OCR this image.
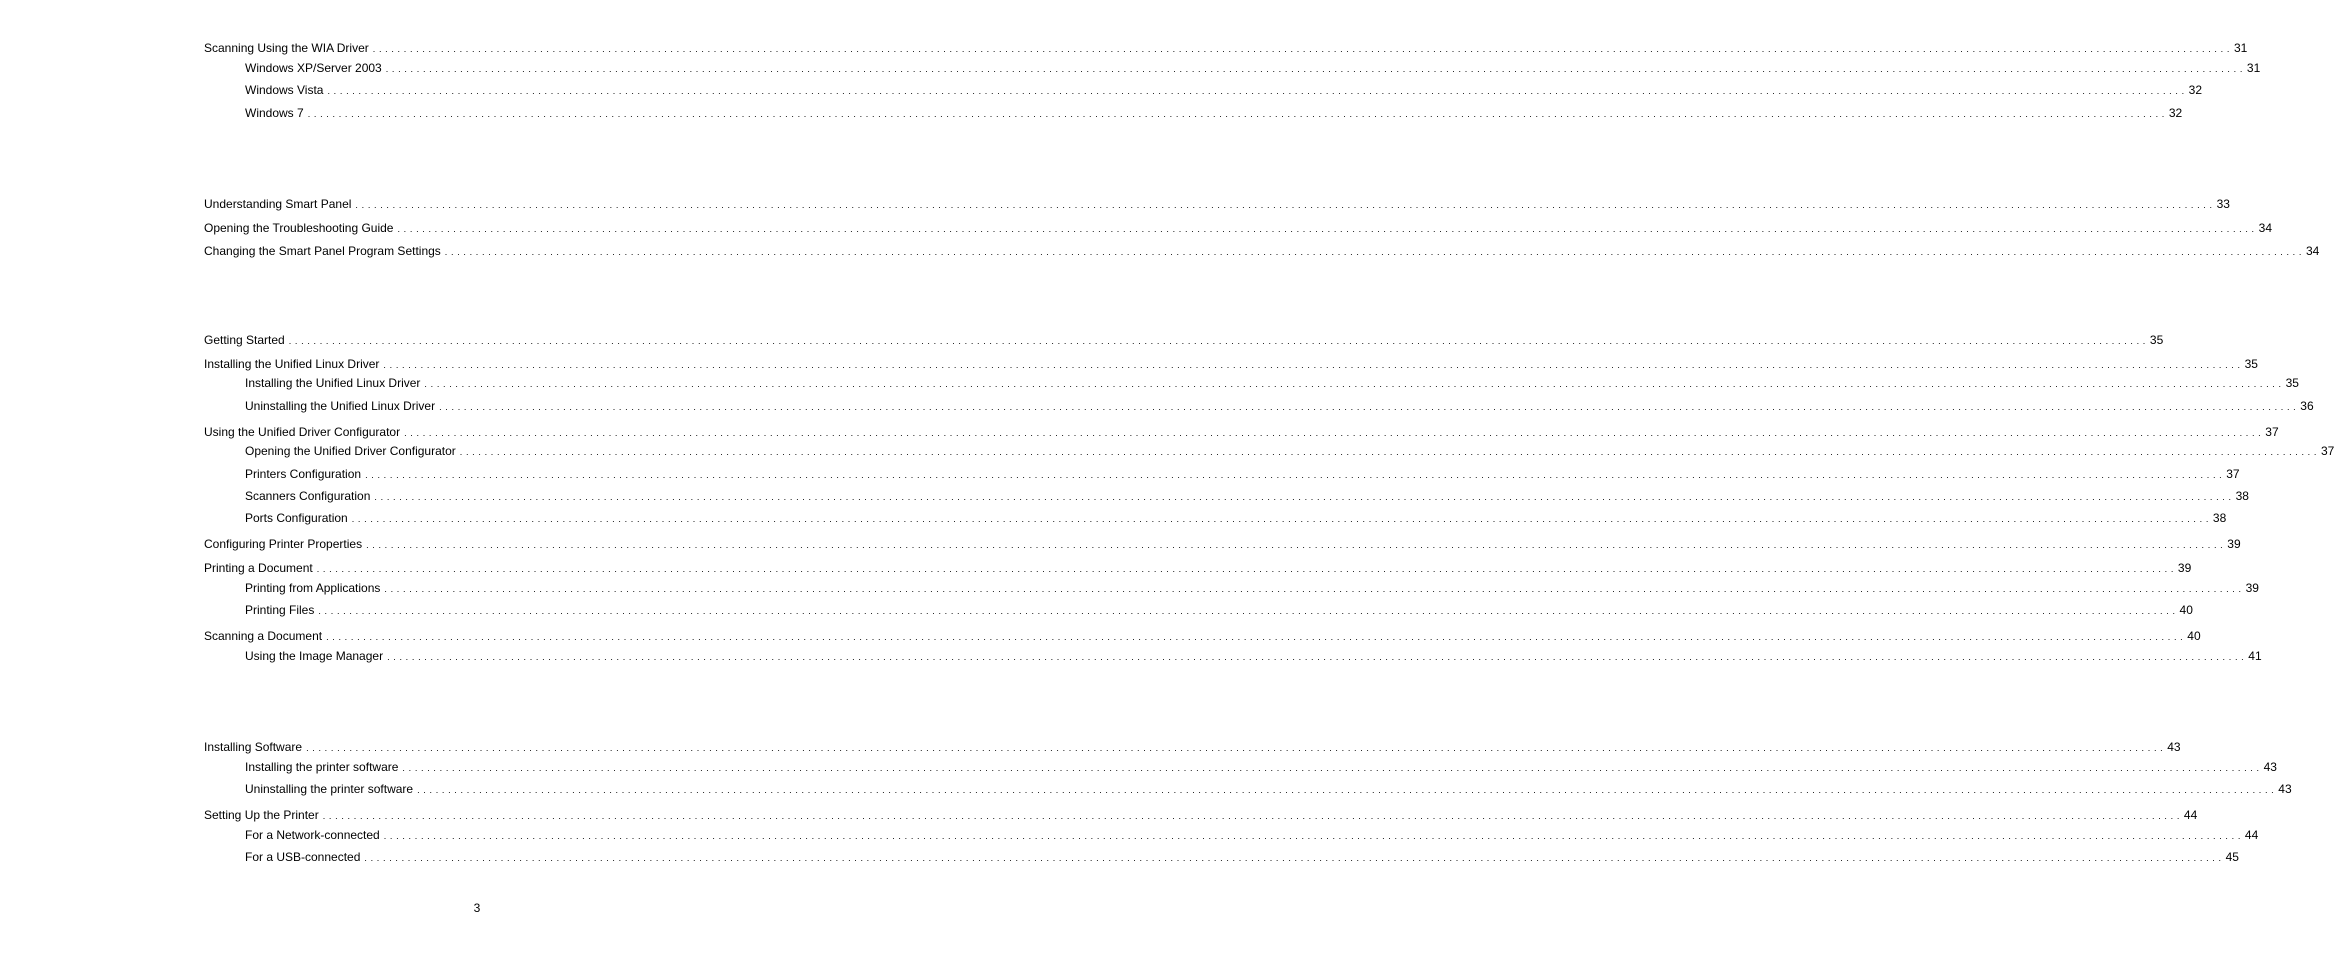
Scanning Using the WIA Driver . . . . . . . . . . . . . . . . . . . . . . . . . . . . . . . . . . . . . . . . . . . . . . . . . . . . . . . . . . . . . . . . . . . . . . . . . . . . . . . . . . . . . . . . . . . . . . . . . . . . . . . . . . . . . . . . . . . . . . . . . . . . . . . . . . . . . . . . . . . . . . . . . . . . . . . . . . . . . . . . . . . . . . . . . . . . . . . . . . . . . . . . . . . . . . . . . . . . . . . . . . . . . . . . . . . . . . . . . . . . . . . . . . . . . . . . . . . . . . . . . . . . . . . . . . . . . . . . . . . . . . . . . . . . . . . . . . . . . . . . . . . . . . . . . . . . . . . . . . . . 31
Windows XP/Server 2003 . . . . . . . . . . . . . . . . . . . . . . . . . . . . . . . . . . . . . . . . . . . . . . . . . . . . . . . . . . . . . . . . . . . . . . . . . . . . . . . . . . . . . . . . . . . . . . . . . . . . . . . . . . . . . . . . . . . . . . . . . . . . . . . . . . . . . . . . . . . . . . . . . . . . . . . . . . . . . . . . . . . . . . . . . . . . . . . . . . . . . . . . . . . . . . . . . . . . . . . . . . . . . . . . . . . . . . . . . . . . . . . . . . . . . . . . . . . . . . . . . . . . . . . . . . . . . . . . . . . . . . . . . . . . . . . . . . . . . . . . . . . . . . . . . . . . . . . . . . . . 31
Windows Vista . . . . . . . . . . . . . . . . . . . . . . . . . . . . . . . . . . . . . . . . . . . . . . . . . . . . . . . . . . . . . . . . . . . . . . . . . . . . . . . . . . . . . . . . . . . . . . . . . . . . . . . . . . . . . . . . . . . . . . . . . . . . . . . . . . . . . . . . . . . . . . . . . . . . . . . . . . . . . . . . . . . . . . . . . . . . . . . . . . . . . . . . . . . . . . . . . . . . . . . . . . . . . . . . . . . . . . . . . . . . . . . . . . . . . . . . . . . . . . . . . . . . . . . . . . . . . . . . . . . . . . . . . . . . . . . . . . . . . . . . . . . . . . . . . . . . . . . . . . . . 32
Windows 7 . . . . . . . . . . . . . . . . . . . . . . . . . . . . . . . . . . . . . . . . . . . . . . . . . . . . . . . . . . . . . . . . . . . . . . . . . . . . . . . . . . . . . . . . . . . . . . . . . . . . . . . . . . . . . . . . . . . . . . . . . . . . . . . . . . . . . . . . . . . . . . . . . . . . . . . . . . . . . . . . . . . . . . . . . . . . . . . . . . . . . . . . . . . . . . . . . . . . . . . . . . . . . . . . . . . . . . . . . . . . . . . . . . . . . . . . . . . . . . . . . . . . . . . . . . . . . . . . . . . . . . . . . . . . . . . . . . . . . . . . . . . . . . . . . . . . . . . . . . . . 32
Understanding Smart Panel . . . . . . . . . . . . . . . . . . . . . . . . . . . . . . . . . . . . . . . . . . . . . . . . . . . . . . . . . . . . . . . . . . . . . . . . . . . . . . . . . . . . . . . . . . . . . . . . . . . . . . . . . . . . . . . . . . . . . . . . . . . . . . . . . . . . . . . . . . . . . . . . . . . . . . . . . . . . . . . . . . . . . . . . . . . . . . . . . . . . . . . . . . . . . . . . . . . . . . . . . . . . . . . . . . . . . . . . . . . . . . . . . . . . . . . . . . . . . . . . . . . . . . . . . . . . . . . . . . . . . . . . . . . . . . . . . . . . . . . . . . . . . . . . . . . . . . . . . . . . 33
Opening the Troubleshooting Guide . . . . . . . . . . . . . . . . . . . . . . . . . . . . . . . . . . . . . . . . . . . . . . . . . . . . . . . . . . . . . . . . . . . . . . . . . . . . . . . . . . . . . . . . . . . . . . . . . . . . . . . . . . . . . . . . . . . . . . . . . . . . . . . . . . . . . . . . . . . . . . . . . . . . . . . . . . . . . . . . . . . . . . . . . . . . . . . . . . . . . . . . . . . . . . . . . . . . . . . . . . . . . . . . . . . . . . . . . . . . . . . . . . . . . . . . . . . . . . . . . . . . . . . . . . . . . . . . . . . . . . . . . . . . . . . . . . . . . . . . . . . . . . . . . . . . . . . . . . . . 34
Changing the Smart Panel Program Settings . . . . . . . . . . . . . . . . . . . . . . . . . . . . . . . . . . . . . . . . . . . . . . . . . . . . . . . . . . . . . . . . . . . . . . . . . . . . . . . . . . . . . . . . . . . . . . . . . . . . . . . . . . . . . . . . . . . . . . . . . . . . . . . . . . . . . . . . . . . . . . . . . . . . . . . . . . . . . . . . . . . . . . . . . . . . . . . . . . . . . . . . . . . . . . . . . . . . . . . . . . . . . . . . . . . . . . . . . . . . . . . . . . . . . . . . . . . . . . . . . . . . . . . . . . . . . . . . . . . . . . . . . . . . . . . . . . . . . . . . . . . . . . . . . . . . . . . . . . . . 34
Getting Started . . . . . . . . . . . . . . . . . . . . . . . . . . . . . . . . . . . . . . . . . . . . . . . . . . . . . . . . . . . . . . . . . . . . . . . . . . . . . . . . . . . . . . . . . . . . . . . . . . . . . . . . . . . . . . . . . . . . . . . . . . . . . . . . . . . . . . . . . . . . . . . . . . . . . . . . . . . . . . . . . . . . . . . . . . . . . . . . . . . . . . . . . . . . . . . . . . . . . . . . . . . . . . . . . . . . . . . . . . . . . . . . . . . . . . . . . . . . . . . . . . . . . . . . . . . . . . . . . . . . . . . . . . . . . . . . . . . . . . . . . . . . . . . . . . . . . . . . . . . . 35
Installing the Unified Linux Driver . . . . . . . . . . . . . . . . . . . . . . . . . . . . . . . . . . . . . . . . . . . . . . . . . . . . . . . . . . . . . . . . . . . . . . . . . . . . . . . . . . . . . . . . . . . . . . . . . . . . . . . . . . . . . . . . . . . . . . . . . . . . . . . . . . . . . . . . . . . . . . . . . . . . . . . . . . . . . . . . . . . . . . . . . . . . . . . . . . . . . . . . . . . . . . . . . . . . . . . . . . . . . . . . . . . . . . . . . . . . . . . . . . . . . . . . . . . . . . . . . . . . . . . . . . . . . . . . . . . . . . . . . . . . . . . . . . . . . . . . . . . . . . . . . . . . . . . . . . . . 35
Installing the Unified Linux Driver . . . . . . . . . . . . . . . . . . . . . . . . . . . . . . . . . . . . . . . . . . . . . . . . . . . . . . . . . . . . . . . . . . . . . . . . . . . . . . . . . . . . . . . . . . . . . . . . . . . . . . . . . . . . . . . . . . . . . . . . . . . . . . . . . . . . . . . . . . . . . . . . . . . . . . . . . . . . . . . . . . . . . . . . . . . . . . . . . . . . . . . . . . . . . . . . . . . . . . . . . . . . . . . . . . . . . . . . . . . . . . . . . . . . . . . . . . . . . . . . . . . . . . . . . . . . . . . . . . . . . . . . . . . . . . . . . . . . . . . . . . . . . . . . . . . . . . . . . . . . 35
Uninstalling the Unified Linux Driver . . . . . . . . . . . . . . . . . . . . . . . . . . . . . . . . . . . . . . . . . . . . . . . . . . . . . . . . . . . . . . . . . . . . . . . . . . . . . . . . . . . . . . . . . . . . . . . . . . . . . . . . . . . . . . . . . . . . . . . . . . . . . . . . . . . . . . . . . . . . . . . . . . . . . . . . . . . . . . . . . . . . . . . . . . . . . . . . . . . . . . . . . . . . . . . . . . . . . . . . . . . . . . . . . . . . . . . . . . . . . . . . . . . . . . . . . . . . . . . . . . . . . . . . . . . . . . . . . . . . . . . . . . . . . . . . . . . . . . . . . . . . . . . . . . . . . . . . . . . . 36
Using the Unified Driver Configurator . . . . . . . . . . . . . . . . . . . . . . . . . . . . . . . . . . . . . . . . . . . . . . . . . . . . . . . . . . . . . . . . . . . . . . . . . . . . . . . . . . . . . . . . . . . . . . . . . . . . . . . . . . . . . . . . . . . . . . . . . . . . . . . . . . . . . . . . . . . . . . . . . . . . . . . . . . . . . . . . . . . . . . . . . . . . . . . . . . . . . . . . . . . . . . . . . . . . . . . . . . . . . . . . . . . . . . . . . . . . . . . . . . . . . . . . . . . . . . . . . . . . . . . . . . . . . . . . . . . . . . . . . . . . . . . . . . . . . . . . . . . . . . . . . . . . . . . . . . . . 37
Opening the Unified Driver Configurator . . . . . . . . . . . . . . . . . . . . . . . . . . . . . . . . . . . . . . . . . . . . . . . . . . . . . . . . . . . . . . . . . . . . . . . . . . . . . . . . . . . . . . . . . . . . . . . . . . . . . . . . . . . . . . . . . . . . . . . . . . . . . . . . . . . . . . . . . . . . . . . . . . . . . . . . . . . . . . . . . . . . . . . . . . . . . . . . . . . . . . . . . . . . . . . . . . . . . . . . . . . . . . . . . . . . . . . . . . . . . . . . . . . . . . . . . . . . . . . . . . . . . . . . . . . . . . . . . . . . . . . . . . . . . . . . . . . . . . . . . . . . . . . . . . . . . . . . . . . . 37
Printers Configuration . . . . . . . . . . . . . . . . . . . . . . . . . . . . . . . . . . . . . . . . . . . . . . . . . . . . . . . . . . . . . . . . . . . . . . . . . . . . . . . . . . . . . . . . . . . . . . . . . . . . . . . . . . . . . . . . . . . . . . . . . . . . . . . . . . . . . . . . . . . . . . . . . . . . . . . . . . . . . . . . . . . . . . . . . . . . . . . . . . . . . . . . . . . . . . . . . . . . . . . . . . . . . . . . . . . . . . . . . . . . . . . . . . . . . . . . . . . . . . . . . . . . . . . . . . . . . . . . . . . . . . . . . . . . . . . . . . . . . . . . . . . . . . . . . . . . . . . . . . . . 37
Scanners Configuration . . . . . . . . . . . . . . . . . . . . . . . . . . . . . . . . . . . . . . . . . . . . . . . . . . . . . . . . . . . . . . . . . . . . . . . . . . . . . . . . . . . . . . . . . . . . . . . . . . . . . . . . . . . . . . . . . . . . . . . . . . . . . . . . . . . . . . . . . . . . . . . . . . . . . . . . . . . . . . . . . . . . . . . . . . . . . . . . . . . . . . . . . . . . . . . . . . . . . . . . . . . . . . . . . . . . . . . . . . . . . . . . . . . . . . . . . . . . . . . . . . . . . . . . . . . . . . . . . . . . . . . . . . . . . . . . . . . . . . . . . . . . . . . . . . . . . . . . . . . . 38
Ports Configuration . . . . . . . . . . . . . . . . . . . . . . . . . . . . . . . . . . . . . . . . . . . . . . . . . . . . . . . . . . . . . . . . . . . . . . . . . . . . . . . . . . . . . . . . . . . . . . . . . . . . . . . . . . . . . . . . . . . . . . . . . . . . . . . . . . . . . . . . . . . . . . . . . . . . . . . . . . . . . . . . . . . . . . . . . . . . . . . . . . . . . . . . . . . . . . . . . . . . . . . . . . . . . . . . . . . . . . . . . . . . . . . . . . . . . . . . . . . . . . . . . . . . . . . . . . . . . . . . . . . . . . . . . . . . . . . . . . . . . . . . . . . . . . . . . . . . . . . . . . . . 38
Configuring Printer Properties . . . . . . . . . . . . . . . . . . . . . . . . . . . . . . . . . . . . . . . . . . . . . . . . . . . . . . . . . . . . . . . . . . . . . . . . . . . . . . . . . . . . . . . . . . . . . . . . . . . . . . . . . . . . . . . . . . . . . . . . . . . . . . . . . . . . . . . . . . . . . . . . . . . . . . . . . . . . . . . . . . . . . . . . . . . . . . . . . . . . . . . . . . . . . . . . . . . . . . . . . . . . . . . . . . . . . . . . . . . . . . . . . . . . . . . . . . . . . . . . . . . . . . . . . . . . . . . . . . . . . . . . . . . . . . . . . . . . . . . . . . . . . . . . . . . . . . . . . . . . 39
Printing a Document . . . . . . . . . . . . . . . . . . . . . . . . . . . . . . . . . . . . . . . . . . . . . . . . . . . . . . . . . . . . . . . . . . . . . . . . . . . . . . . . . . . . . . . . . . . . . . . . . . . . . . . . . . . . . . . . . . . . . . . . . . . . . . . . . . . . . . . . . . . . . . . . . . . . . . . . . . . . . . . . . . . . . . . . . . . . . . . . . . . . . . . . . . . . . . . . . . . . . . . . . . . . . . . . . . . . . . . . . . . . . . . . . . . . . . . . . . . . . . . . . . . . . . . . . . . . . . . . . . . . . . . . . . . . . . . . . . . . . . . . . . . . . . . . . . . . . . . . . . . . 39
Printing from Applications . . . . . . . . . . . . . . . . . . . . . . . . . . . . . . . . . . . . . . . . . . . . . . . . . . . . . . . . . . . . . . . . . . . . . . . . . . . . . . . . . . . . . . . . . . . . . . . . . . . . . . . . . . . . . . . . . . . . . . . . . . . . . . . . . . . . . . . . . . . . . . . . . . . . . . . . . . . . . . . . . . . . . . . . . . . . . . . . . . . . . . . . . . . . . . . . . . . . . . . . . . . . . . . . . . . . . . . . . . . . . . . . . . . . . . . . . . . . . . . . . . . . . . . . . . . . . . . . . . . . . . . . . . . . . . . . . . . . . . . . . . . . . . . . . . . . . . . . . . . . 39
Printing Files . . . . . . . . . . . . . . . . . . . . . . . . . . . . . . . . . . . . . . . . . . . . . . . . . . . . . . . . . . . . . . . . . . . . . . . . . . . . . . . . . . . . . . . . . . . . . . . . . . . . . . . . . . . . . . . . . . . . . . . . . . . . . . . . . . . . . . . . . . . . . . . . . . . . . . . . . . . . . . . . . . . . . . . . . . . . . . . . . . . . . . . . . . . . . . . . . . . . . . . . . . . . . . . . . . . . . . . . . . . . . . . . . . . . . . . . . . . . . . . . . . . . . . . . . . . . . . . . . . . . . . . . . . . . . . . . . . . . . . . . . . . . . . . . . . . . . . . . . . . . 40
Scanning a Document . . . . . . . . . . . . . . . . . . . . . . . . . . . . . . . . . . . . . . . . . . . . . . . . . . . . . . . . . . . . . . . . . . . . . . . . . . . . . . . . . . . . . . . . . . . . . . . . . . . . . . . . . . . . . . . . . . . . . . . . . . . . . . . . . . . . . . . . . . . . . . . . . . . . . . . . . . . . . . . . . . . . . . . . . . . . . . . . . . . . . . . . . . . . . . . . . . . . . . . . . . . . . . . . . . . . . . . . . . . . . . . . . . . . . . . . . . . . . . . . . . . . . . . . . . . . . . . . . . . . . . . . . . . . . . . . . . . . . . . . . . . . . . . . . . . . . . . . . . . . 40
Using the Image Manager . . . . . . . . . . . . . . . . . . . . . . . . . . . . . . . . . . . . . . . . . . . . . . . . . . . . . . . . . . . . . . . . . . . . . . . . . . . . . . . . . . . . . . . . . . . . . . . . . . . . . . . . . . . . . . . . . . . . . . . . . . . . . . . . . . . . . . . . . . . . . . . . . . . . . . . . . . . . . . . . . . . . . . . . . . . . . . . . . . . . . . . . . . . . . . . . . . . . . . . . . . . . . . . . . . . . . . . . . . . . . . . . . . . . . . . . . . . . . . . . . . . . . . . . . . . . . . . . . . . . . . . . . . . . . . . . . . . . . . . . . . . . . . . . . . . . . . . . . . . . 41
Installing Software . . . . . . . . . . . . . . . . . . . . . . . . . . . . . . . . . . . . . . . . . . . . . . . . . . . . . . . . . . . . . . . . . . . . . . . . . . . . . . . . . . . . . . . . . . . . . . . . . . . . . . . . . . . . . . . . . . . . . . . . . . . . . . . . . . . . . . . . . . . . . . . . . . . . . . . . . . . . . . . . . . . . . . . . . . . . . . . . . . . . . . . . . . . . . . . . . . . . . . . . . . . . . . . . . . . . . . . . . . . . . . . . . . . . . . . . . . . . . . . . . . . . . . . . . . . . . . . . . . . . . . . . . . . . . . . . . . . . . . . . . . . . . . . . . . . . . . . . . . . . 43
Installing the printer software . . . . . . . . . . . . . . . . . . . . . . . . . . . . . . . . . . . . . . . . . . . . . . . . . . . . . . . . . . . . . . . . . . . . . . . . . . . . . . . . . . . . . . . . . . . . . . . . . . . . . . . . . . . . . . . . . . . . . . . . . . . . . . . . . . . . . . . . . . . . . . . . . . . . . . . . . . . . . . . . . . . . . . . . . . . . . . . . . . . . . . . . . . . . . . . . . . . . . . . . . . . . . . . . . . . . . . . . . . . . . . . . . . . . . . . . . . . . . . . . . . . . . . . . . . . . . . . . . . . . . . . . . . . . . . . . . . . . . . . . . . . . . . . . . . . . . . . . . . . . 43
Uninstalling the printer software . . . . . . . . . . . . . . . . . . . . . . . . . . . . . . . . . . . . . . . . . . . . . . . . . . . . . . . . . . . . . . . . . . . . . . . . . . . . . . . . . . . . . . . . . . . . . . . . . . . . . . . . . . . . . . . . . . . . . . . . . . . . . . . . . . . . . . . . . . . . . . . . . . . . . . . . . . . . . . . . . . . . . . . . . . . . . . . . . . . . . . . . . . . . . . . . . . . . . . . . . . . . . . . . . . . . . . . . . . . . . . . . . . . . . . . . . . . . . . . . . . . . . . . . . . . . . . . . . . . . . . . . . . . . . . . . . . . . . . . . . . . . . . . . . . . . . . . . . . . . 43
Setting Up the Printer . . . . . . . . . . . . . . . . . . . . . . . . . . . . . . . . . . . . . . . . . . . . . . . . . . . . . . . . . . . . . . . . . . . . . . . . . . . . . . . . . . . . . . . . . . . . . . . . . . . . . . . . . . . . . . . . . . . . . . . . . . . . . . . . . . . . . . . . . . . . . . . . . . . . . . . . . . . . . . . . . . . . . . . . . . . . . . . . . . . . . . . . . . . . . . . . . . . . . . . . . . . . . . . . . . . . . . . . . . . . . . . . . . . . . . . . . . . . . . . . . . . . . . . . . . . . . . . . . . . . . . . . . . . . . . . . . . . . . . . . . . . . . . . . . . . . . . . . . . . . 44
For a Network-connected . . . . . . . . . . . . . . . . . . . . . . . . . . . . . . . . . . . . . . . . . . . . . . . . . . . . . . . . . . . . . . . . . . . . . . . . . . . . . . . . . . . . . . . . . . . . . . . . . . . . . . . . . . . . . . . . . . . . . . . . . . . . . . . . . . . . . . . . . . . . . . . . . . . . . . . . . . . . . . . . . . . . . . . . . . . . . . . . . . . . . . . . . . . . . . . . . . . . . . . . . . . . . . . . . . . . . . . . . . . . . . . . . . . . . . . . . . . . . . . . . . . . . . . . . . . . . . . . . . . . . . . . . . . . . . . . . . . . . . . . . . . . . . . . . . . . . . . . . . . . 44
For a USB-connected . . . . . . . . . . . . . . . . . . . . . . . . . . . . . . . . . . . . . . . . . . . . . . . . . . . . . . . . . . . . . . . . . . . . . . . . . . . . . . . . . . . . . . . . . . . . . . . . . . . . . . . . . . . . . . . . . . . . . . . . . . . . . . . . . . . . . . . . . . . . . . . . . . . . . . . . . . . . . . . . . . . . . . . . . . . . . . . . . . . . . . . . . . . . . . . . . . . . . . . . . . . . . . . . . . . . . . . . . . . . . . . . . . . . . . . . . . . . . . . . . . . . . . . . . . . . . . . . . . . . . . . . . . . . . . . . . . . . . . . . . . . . . . . . . . . . . . . . . . . . 45
3
